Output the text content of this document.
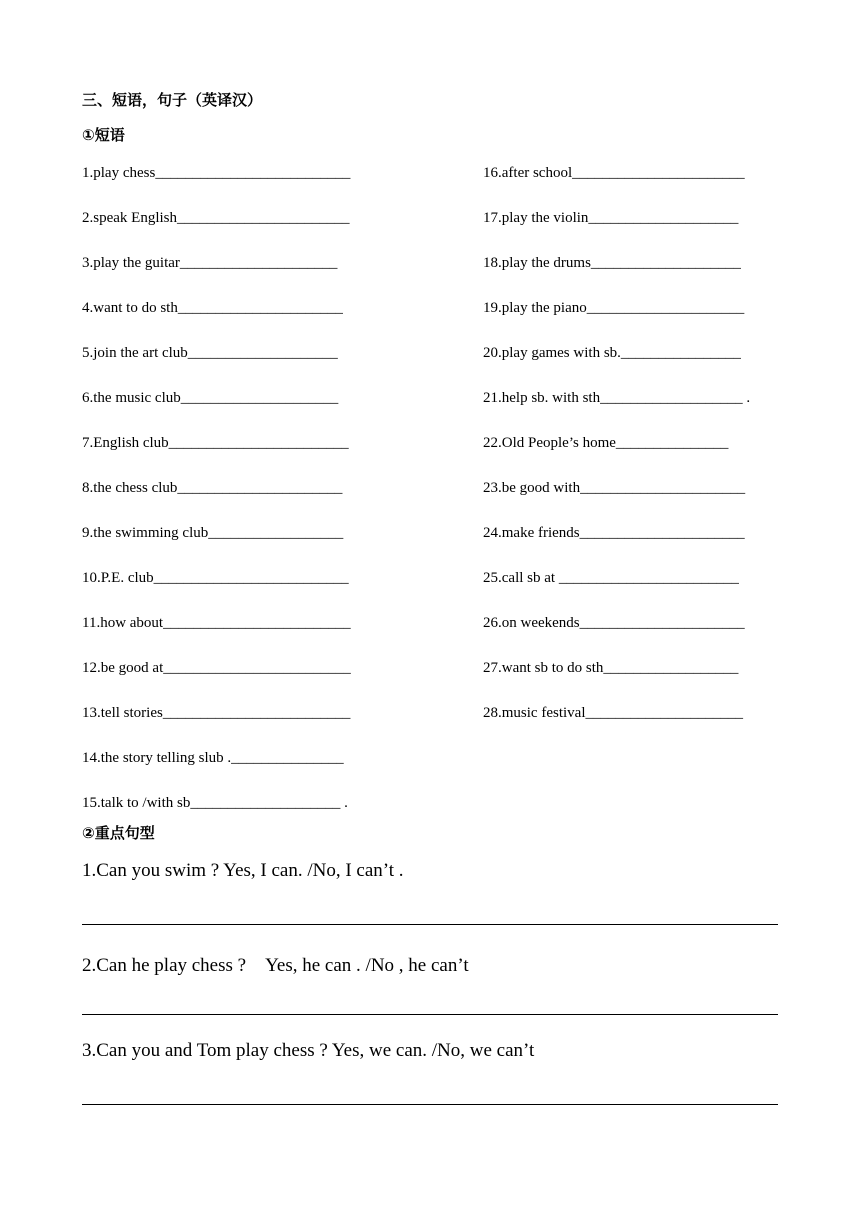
三、短语，句子（英译汉）
①短语
1.play chess__________________________
2.speak English_______________________
3.play the guitar_____________________
4.want to do sth______________________
5.join the art club____________________
6.the music club_____________________
7.English club________________________
8.the chess club______________________
9.the swimming club__________________
10.P.E. club__________________________
11.how about_________________________
12.be good at_________________________
13.tell stories_________________________
14.the story telling slub ._______________
15.talk to /with sb____________________ .
16.after school_______________________
17.play the violin____________________
18.play the drums____________________
19.play the piano_____________________
20.play games with sb.________________
21.help sb. with sth___________________ .
22.Old People’s home_______________
23.be good with______________________
24.make friends______________________
25.call sb at ________________________
26.on weekends______________________
27.want sb to do sth__________________
28.music festival_____________________
②重点句型
1.Can you swim ? Yes, I can. /No, I can’t .
2.Can he play chess ?　Yes, he can . /No , he can’t
3.Can you and Tom play chess ? Yes, we can. /No, we can’t
